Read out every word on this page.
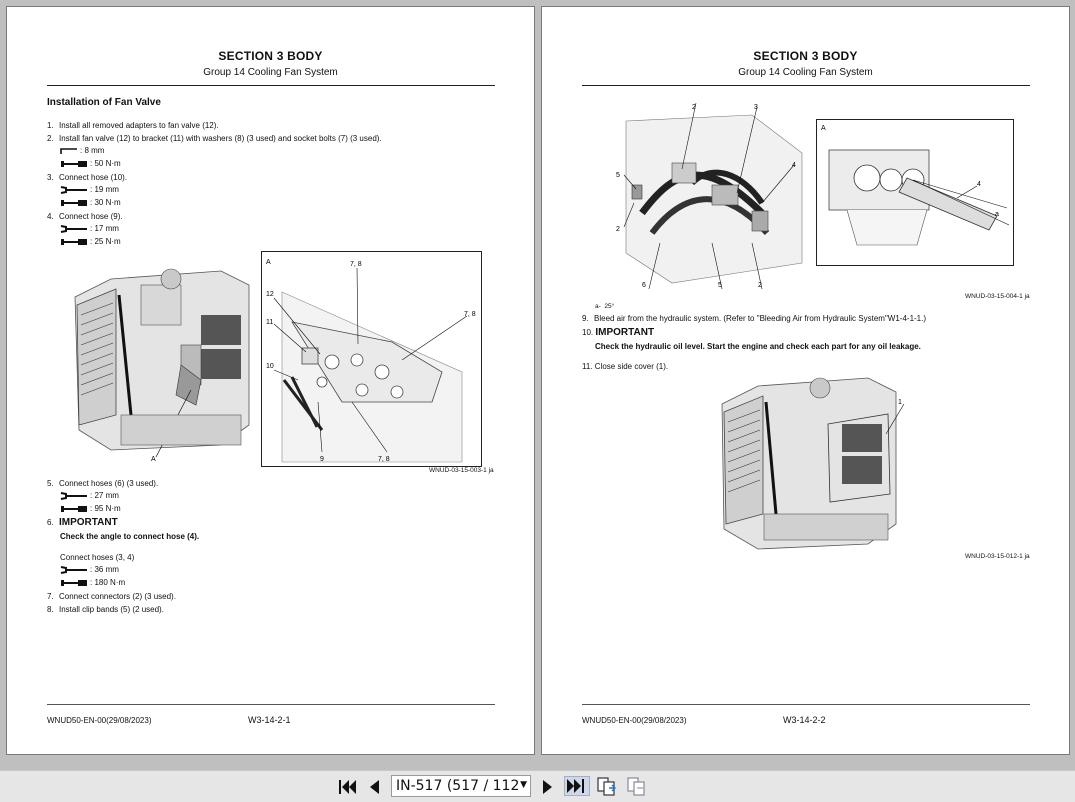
SECTION 3 BODY
Group 14 Cooling Fan System
Installation of Fan Valve
1. Install all removed adapters to fan valve (12).
2. Install fan valve (12) to bracket (11) with washers (8) (3 used) and socket bolts (7) (3 used).
: 8 mm
: 50 N·m
3. Connect hose (10).
: 19 mm
: 30 N·m
4. Connect hose (9).
: 17 mm
: 25 N·m
A
A	7, 8
12
11
7, 8
10
9	7, 8
WNUD-03-15-003-1 ja
5. Connect hoses (6) (3 used).
: 27 mm
: 95 N·m
6. IMPORTANT
Check the angle to connect hose (4).
Connect hoses (3, 4)
: 36 mm
: 180 N·m
7. Connect connectors (2) (3 used).
8. Install clip bands (5) (2 used).
WNUD50-EN-00(29/08/2023)	W3-14-2-1
SECTION 3 BODY
Group 14 Cooling Fan System
2	3
4
5
2
6	5	2
A
4
a
WNUD-03-15-004-1 ja
a- 25°
9. Bleed air from the hydraulic system. (Refer to "Bleeding Air from Hydraulic System"W1-4-1-1.)
10. IMPORTANT
Check the hydraulic oil level. Start the engine and check each part for any oil leakage.
11. Close side cover (1).
1
WNUD-03-15-012-1 ja
WNUD50-EN-00(29/08/2023)	W3-14-2-2
IN-517 (517 / 112 ▼
